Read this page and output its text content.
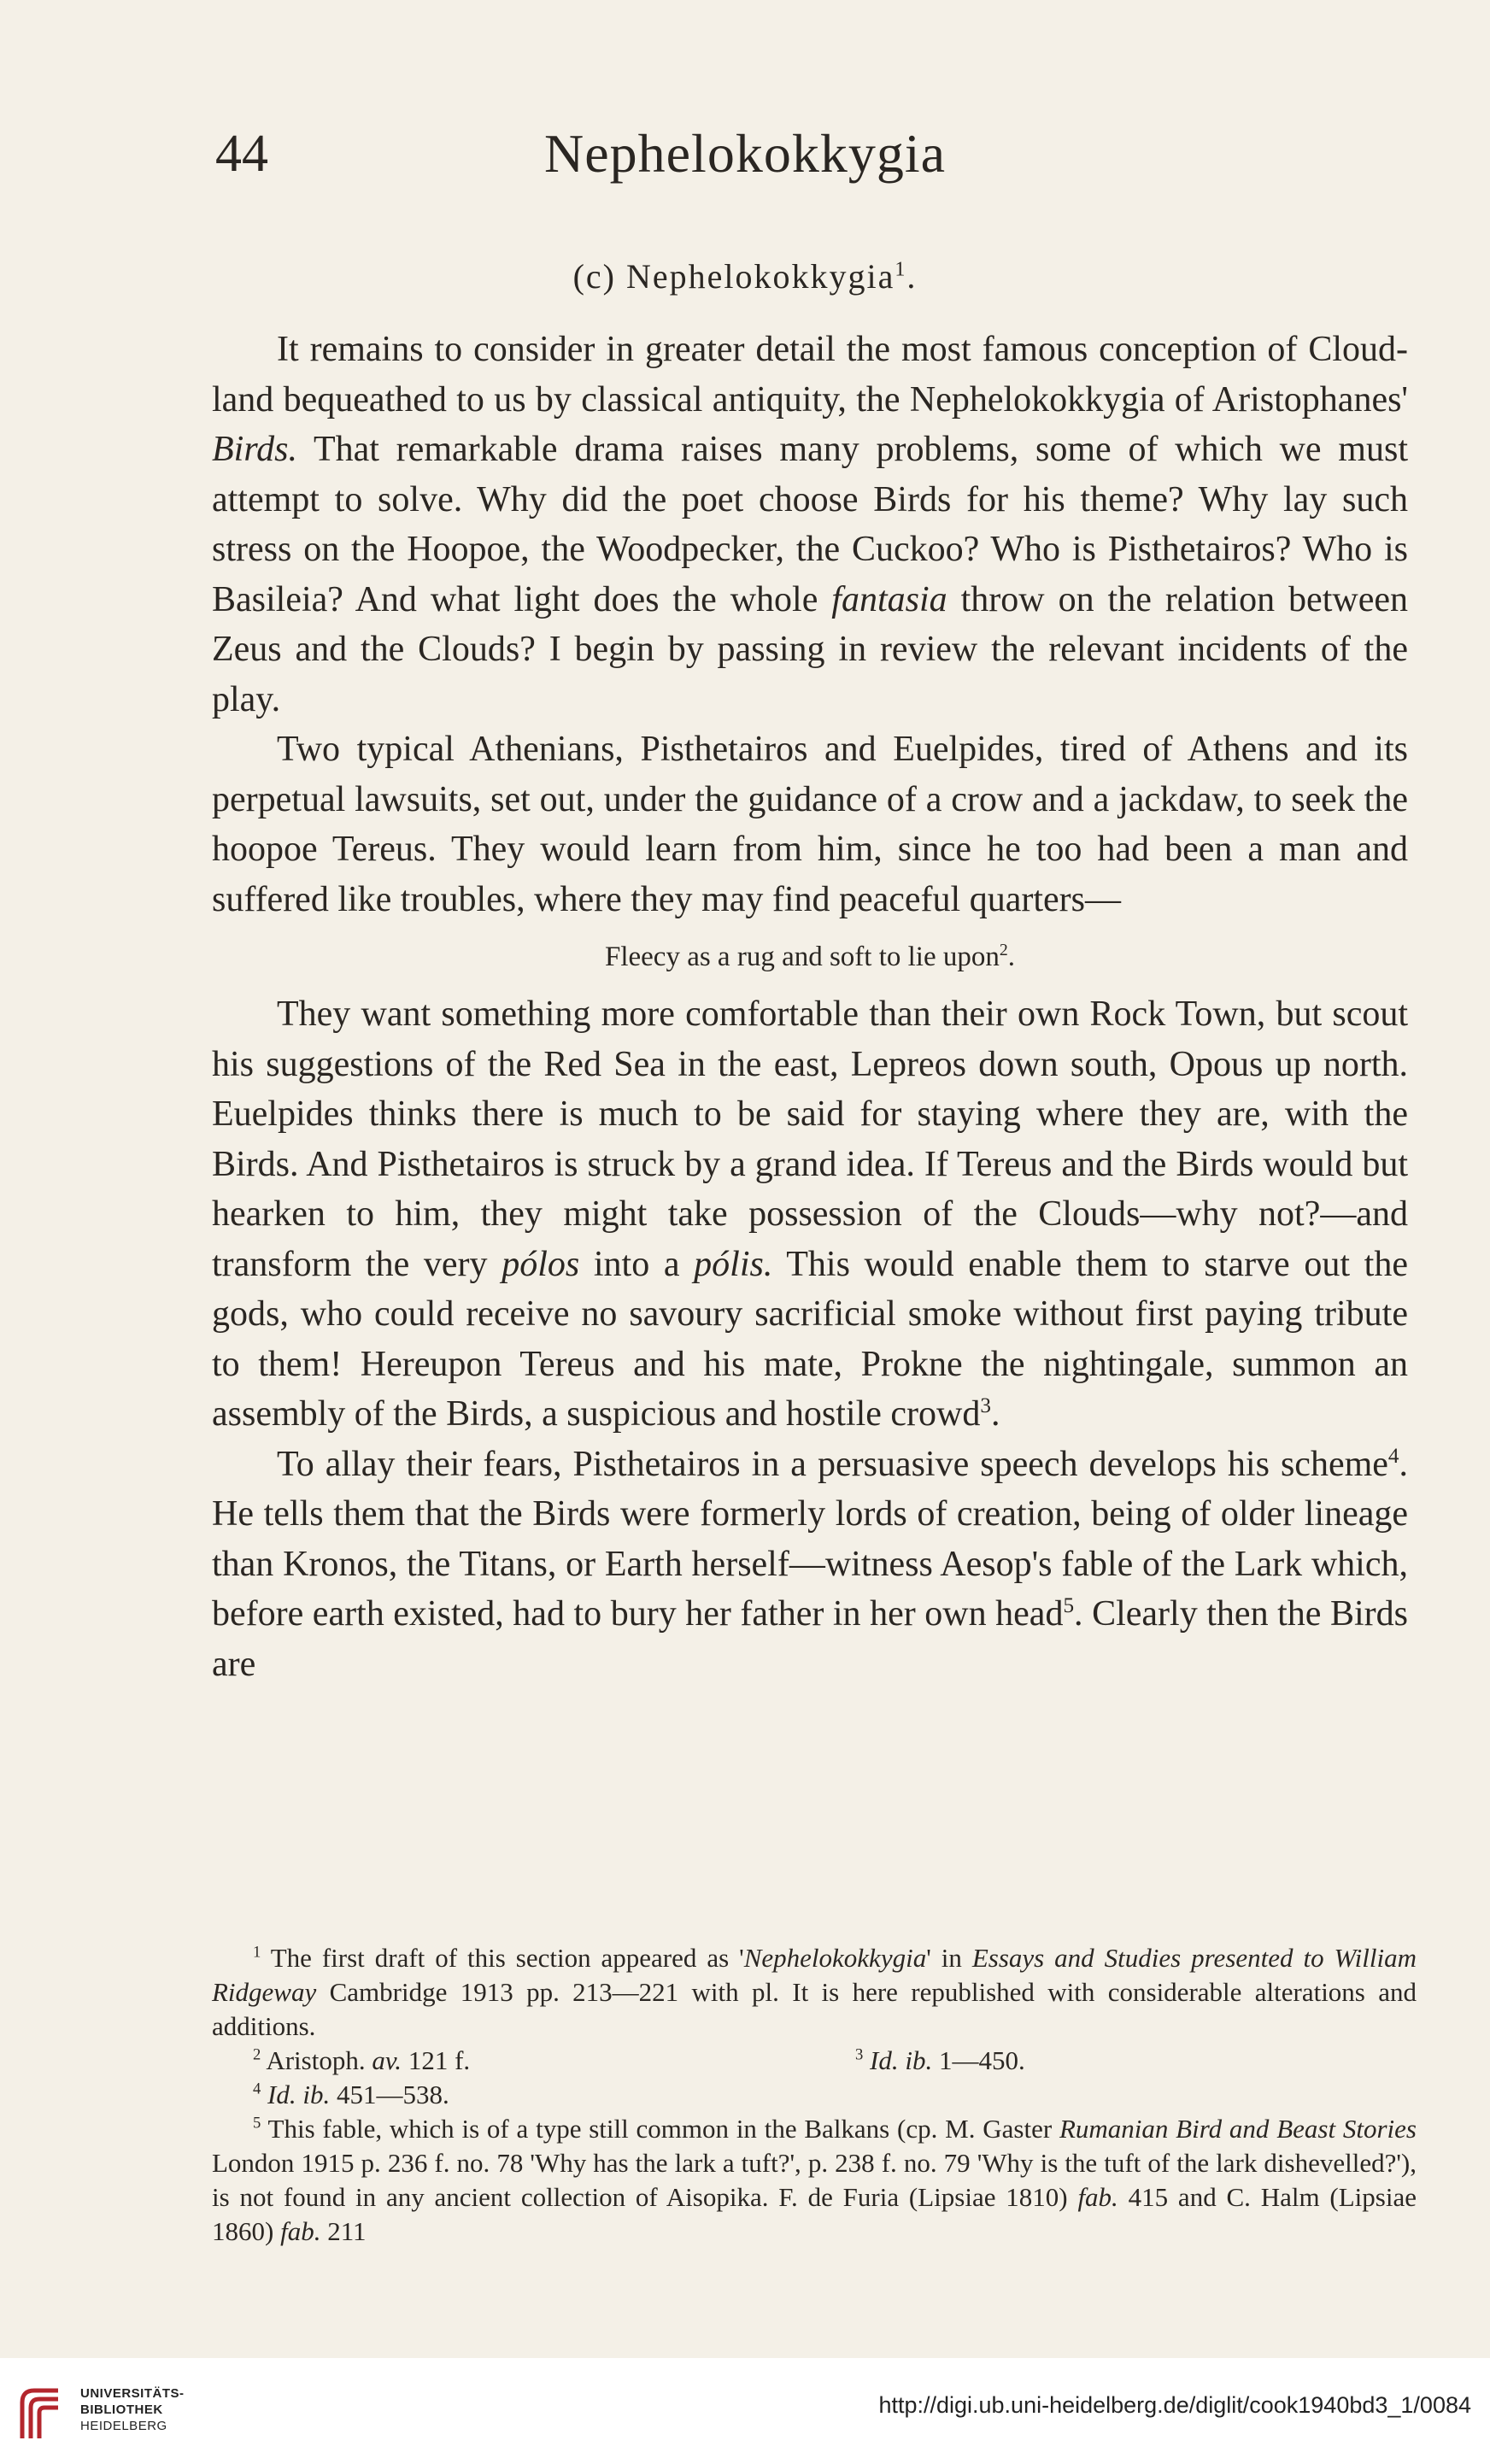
44	Nephelokokkygia
(c) Nephelokokkygia$^1$.

It remains to consider in greater detail the most famous conception of Cloud-land bequeathed to us by classical antiquity, the Nephelokokkygia of Aristophanes' Birds. That remarkable drama raises many problems, some of which we must attempt to solve. Why did the poet choose Birds for his theme? Why lay such stress on the Hoopoe, the Woodpecker, the Cuckoo? Who is Pisthetairos? Who is Basileia? And what light does the whole fantasia throw on the relation between Zeus and the Clouds? I begin by passing in review the relevant incidents of the play.

Two typical Athenians, Pisthetairos and Euelpides, tired of Athens and its perpetual lawsuits, set out, under the guidance of a crow and a jackdaw, to seek the hoopoe Tereus. They would learn from him, since he too had been a man and suffered like troubles, where they may find peaceful quarters—

Fleecy as a rug and soft to lie upon$^2$.

They want something more comfortable than their own Rock Town, but scout his suggestions of the Red Sea in the east, Lepreos down south, Opous up north. Euelpides thinks there is much to be said for staying where they are, with the Birds. And Pisthetairos is struck by a grand idea. If Tereus and the Birds would but hearken to him, they might take possession of the Clouds—why not?—and transform the very pólos into a pólis. This would enable them to starve out the gods, who could receive no savoury sacrificial smoke without first paying tribute to them! Hereupon Tereus and his mate, Prokne the nightingale, summon an assembly of the Birds, a suspicious and hostile crowd$^3$.

To allay their fears, Pisthetairos in a persuasive speech develops his scheme$^4$. He tells them that the Birds were formerly lords of creation, being of older lineage than Kronos, the Titans, or Earth herself—witness Aesop's fable of the Lark which, before earth existed, had to bury her father in her own head$^5$. Clearly then the Birds are

$^1$ The first draft of this section appeared as 'Nephelokokkygia' in Essays and Studies presented to William Ridgeway Cambridge 1913 pp. 213—221 with pl. It is here republished with considerable alterations and additions.

$^2$ Aristoph. av. 121 f.	$^3$ Id. ib. 1—450.

$^4$ Id. ib. 451—538.

$^5$ This fable, which is of a type still common in the Balkans (cp. M. Gaster Rumanian Bird and Beast Stories London 1915 p. 236 f. no. 78 'Why has the lark a tuft?', p. 238 f. no. 79 'Why is the tuft of the lark dishevelled?'), is not found in any ancient collection of Aisopika. F. de Furia (Lipsiae 1810) fab. 415 and C. Halm (Lipsiae 1860) fab. 211

UNIVERSITÄTS-
BIBLIOTHEK
HEIDELBERG
http://digi.ub.uni-heidelberg.de/diglit/cook1940bd3_1/0084
